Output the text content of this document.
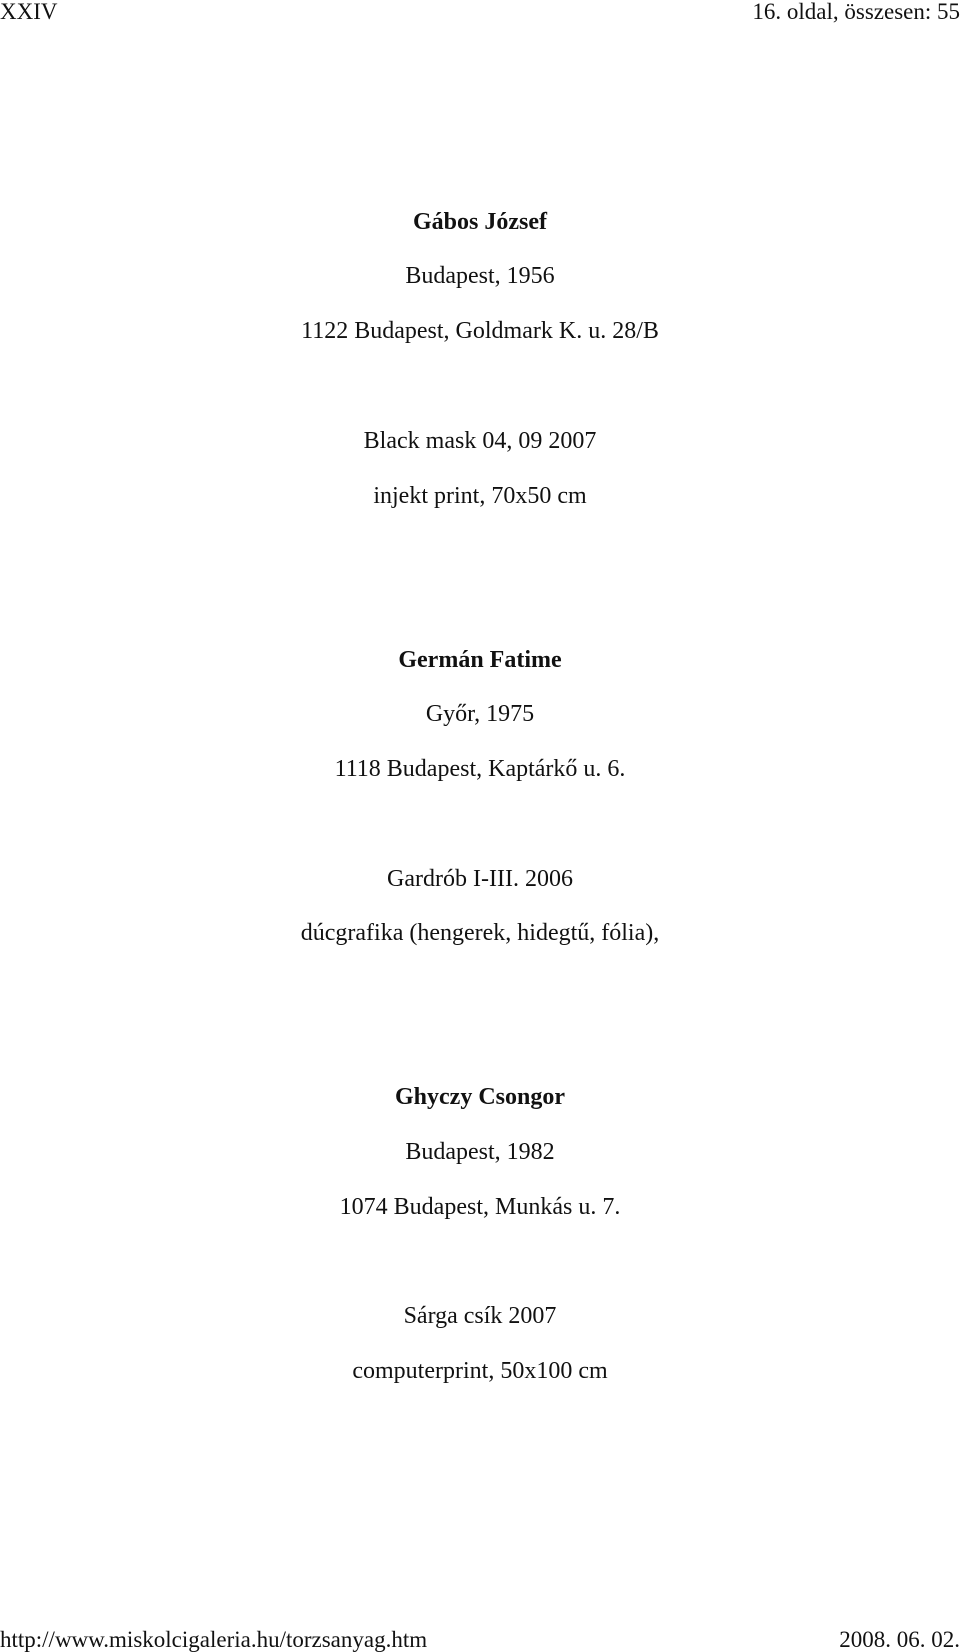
XXIV	16. oldal, összesen: 55
Gábos József
Budapest, 1956
1122 Budapest, Goldmark K. u. 28/B
Black mask 04, 09 2007
injekt print, 70x50 cm
Germán Fatime
Győr, 1975
1118 Budapest, Kaptárkő u. 6.
Gardrób I-III. 2006
dúcgrafika (hengerek, hidegtű, fólia),
Ghyczy Csongor
Budapest, 1982
1074 Budapest, Munkás u. 7.
Sárga csík 2007
computerprint, 50x100 cm
http://www.miskolcigaleria.hu/torzsanyag.htm	2008. 06. 02.
